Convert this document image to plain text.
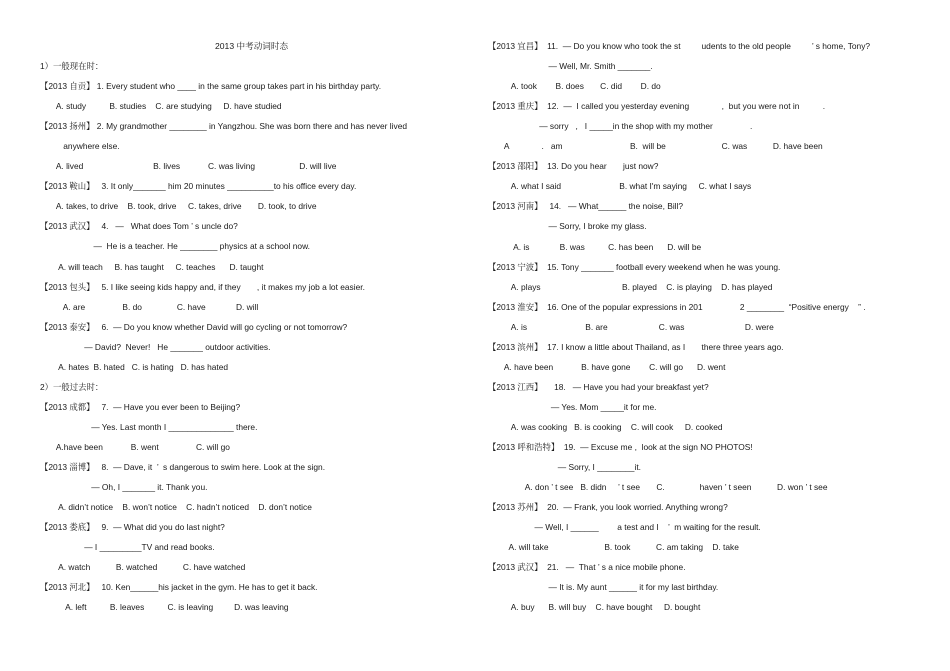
2013 中考动词时态
1）一般现在时：
【2013 自贡】 1. Every student who ____ in the same group takes part in his birthday party.
A. study          B. studies    C. are studying     D. have studied
【2013 扬州】 2. My grandmother ________ in Yangzhou. She was born there and has never lived
anywhere else.
A. lived                              B. lives            C. was living                   D. will live
【2013 鞍山】   3. It only_______ him 20 minutes __________to his office every day.
A. takes, to drive    B. took, drive     C. takes, drive       D. took, to drive
【2013 武汉】   4.   —   What does Tom ’ s uncle do?
—  He is a teacher. He ________ physics at a school now.
A. will teach     B. has taught     C. teaches      D. taught
【2013 包头】   5. I like seeing kids happy and, if they       , it makes my job a lot easier.
A. are                B. do               C. have             D. will
【2013 泰安】   6.  — Do you know whether David will go cycling or not tomorrow?
— David?  Never!   He _______ outdoor activities.
A. hates  B. hated   C. is hating   D. has hated
2）一般过去时：
【2013 成都】   7.  — Have you ever been to Beijing?
— Yes. Last month I ______________ there.
A.have been            B. went                C. will go
【2013 淄博】   8.  — Dave, it  ’  s dangerous to swim here. Look at the sign.
— Oh, I _______ it. Thank you.
A. didn’t notice    B. won’t notice    C. hadn’t noticed    D. don’t notice
【2013 娄底】   9.  — What did you do last night?
— I _________TV and read books.
A. watch           B. watched           C. have watched
【2013 河北】   10. Ken______his jacket in the gym. He has to get it back.
A. left          B. leaves          C. is leaving         D. was leaving
【2013 宜昌】  11.  — Do you know who took the st         udents to the old people         ’ s home, Tony?
— Well, Mr. Smith _______.
A. took        B. does       C. did        D. do
【2013 重庆】  12.  —  I called you yesterday evening              ,  but you were not in          .
— sorry   ,   I _____in the shop with my mother                .
A              .   am                             B.  will be                        C. was           D. have been
【2013 邵阳】  13. Do you hear       just now?
A. what I said                         B. what I'm saying     C. what I says
【2013 河南】   14.   — What______ the noise, Bill?
— Sorry, I broke my glass.
A. is             B. was          C. has been      D. will be
【2013 宁波】  15. Tony _______ football every weekend when he was young.
A. plays                                   B. played    C. is playing    D. has played
【2013 淮安】  16. One of the popular expressions in 201                2 ________  “Positive energy    ” .
A. is                         B. are                      C. was                          D. were
【2013 滨州】  17. I know a little about Thailand, as I       there three years ago.
A. have been            B. have gone        C. will go      D. went
【2013 江西】     18.   — Have you had your breakfast yet?
— Yes. Mom _____it for me.
A. was cooking   B. is cooking    C. will cook     D. cooked
【2013 呼和浩特】  19.  — Excuse me ,  look at the sign NO PHOTOS!
— Sorry, I ________it.
A. don ’ t see   B. didn     ’ t see       C.               haven ’ t seen           D. won ’ t see
【2013 苏州】  20.  — Frank, you look worried. Anything wrong?
— Well, I ______        a test and I    ’  m waiting for the result.
A. will take                        B. took           C. am taking    D. take
【2013 武汉】  21.   —  That ’ s a nice mobile phone.
— It is. My aunt ______ it for my last birthday.
A. buy      B. will buy    C. have bought     D. bought
